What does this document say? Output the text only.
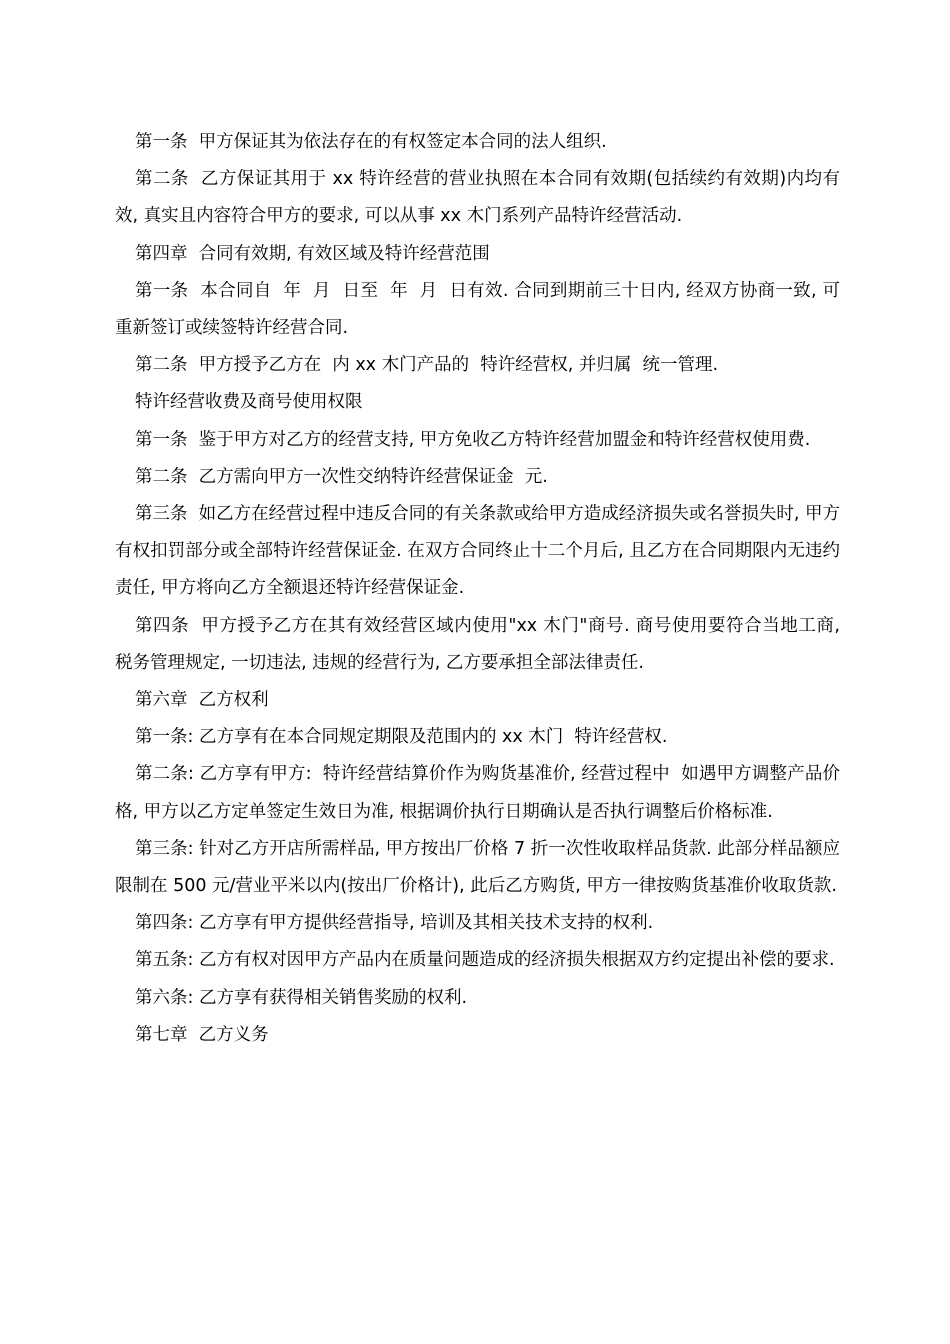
第一条  甲方保证其为依法存在的有权签定本合同的法人组织.

第二条  乙方保证其用于 xx 特许经营的营业执照在本合同有效期(包括续约有效期)内均有效, 真实且内容符合甲方的要求, 可以从事 xx 木门系列产品特许经营活动.

第四章  合同有效期, 有效区域及特许经营范围

第一条  本合同自  年  月  日至  年  月  日有效. 合同到期前三十日内, 经双方协商一致, 可重新签订或续签特许经营合同.

第二条  甲方授予乙方在  内 xx 木门产品的  特许经营权, 并归属  统一管理.

特许经营收费及商号使用权限

第一条  鉴于甲方对乙方的经营支持, 甲方免收乙方特许经营加盟金和特许经营权使用费.

第二条  乙方需向甲方一次性交纳特许经营保证金  元.

第三条  如乙方在经营过程中违反合同的有关条款或给甲方造成经济损失或名誉损失时, 甲方有权扣罚部分或全部特许经营保证金. 在双方合同终止十二个月后, 且乙方在合同期限内无违约责任, 甲方将向乙方全额退还特许经营保证金.

第四条  甲方授予乙方在其有效经营区域内使用"xx 木门"商号. 商号使用要符合当地工商, 税务管理规定, 一切违法, 违规的经营行为, 乙方要承担全部法律责任.

第六章  乙方权利

第一条: 乙方享有在本合同规定期限及范围内的 xx 木门  特许经营权.

第二条: 乙方享有甲方:  特许经营结算价作为购货基准价, 经营过程中  如遇甲方调整产品价格, 甲方以乙方定单签定生效日为准, 根据调价执行日期确认是否执行调整后价格标准.

第三条: 针对乙方开店所需样品, 甲方按出厂价格 7 折一次性收取样品货款. 此部分样品额应限制在 500 元/营业平米以内(按出厂价格计), 此后乙方购货, 甲方一律按购货基准价收取货款.

第四条: 乙方享有甲方提供经营指导, 培训及其相关技术支持的权利.

第五条: 乙方有权对因甲方产品内在质量问题造成的经济损失根据双方约定提出补偿的要求.

第六条: 乙方享有获得相关销售奖励的权利.

第七章  乙方义务
